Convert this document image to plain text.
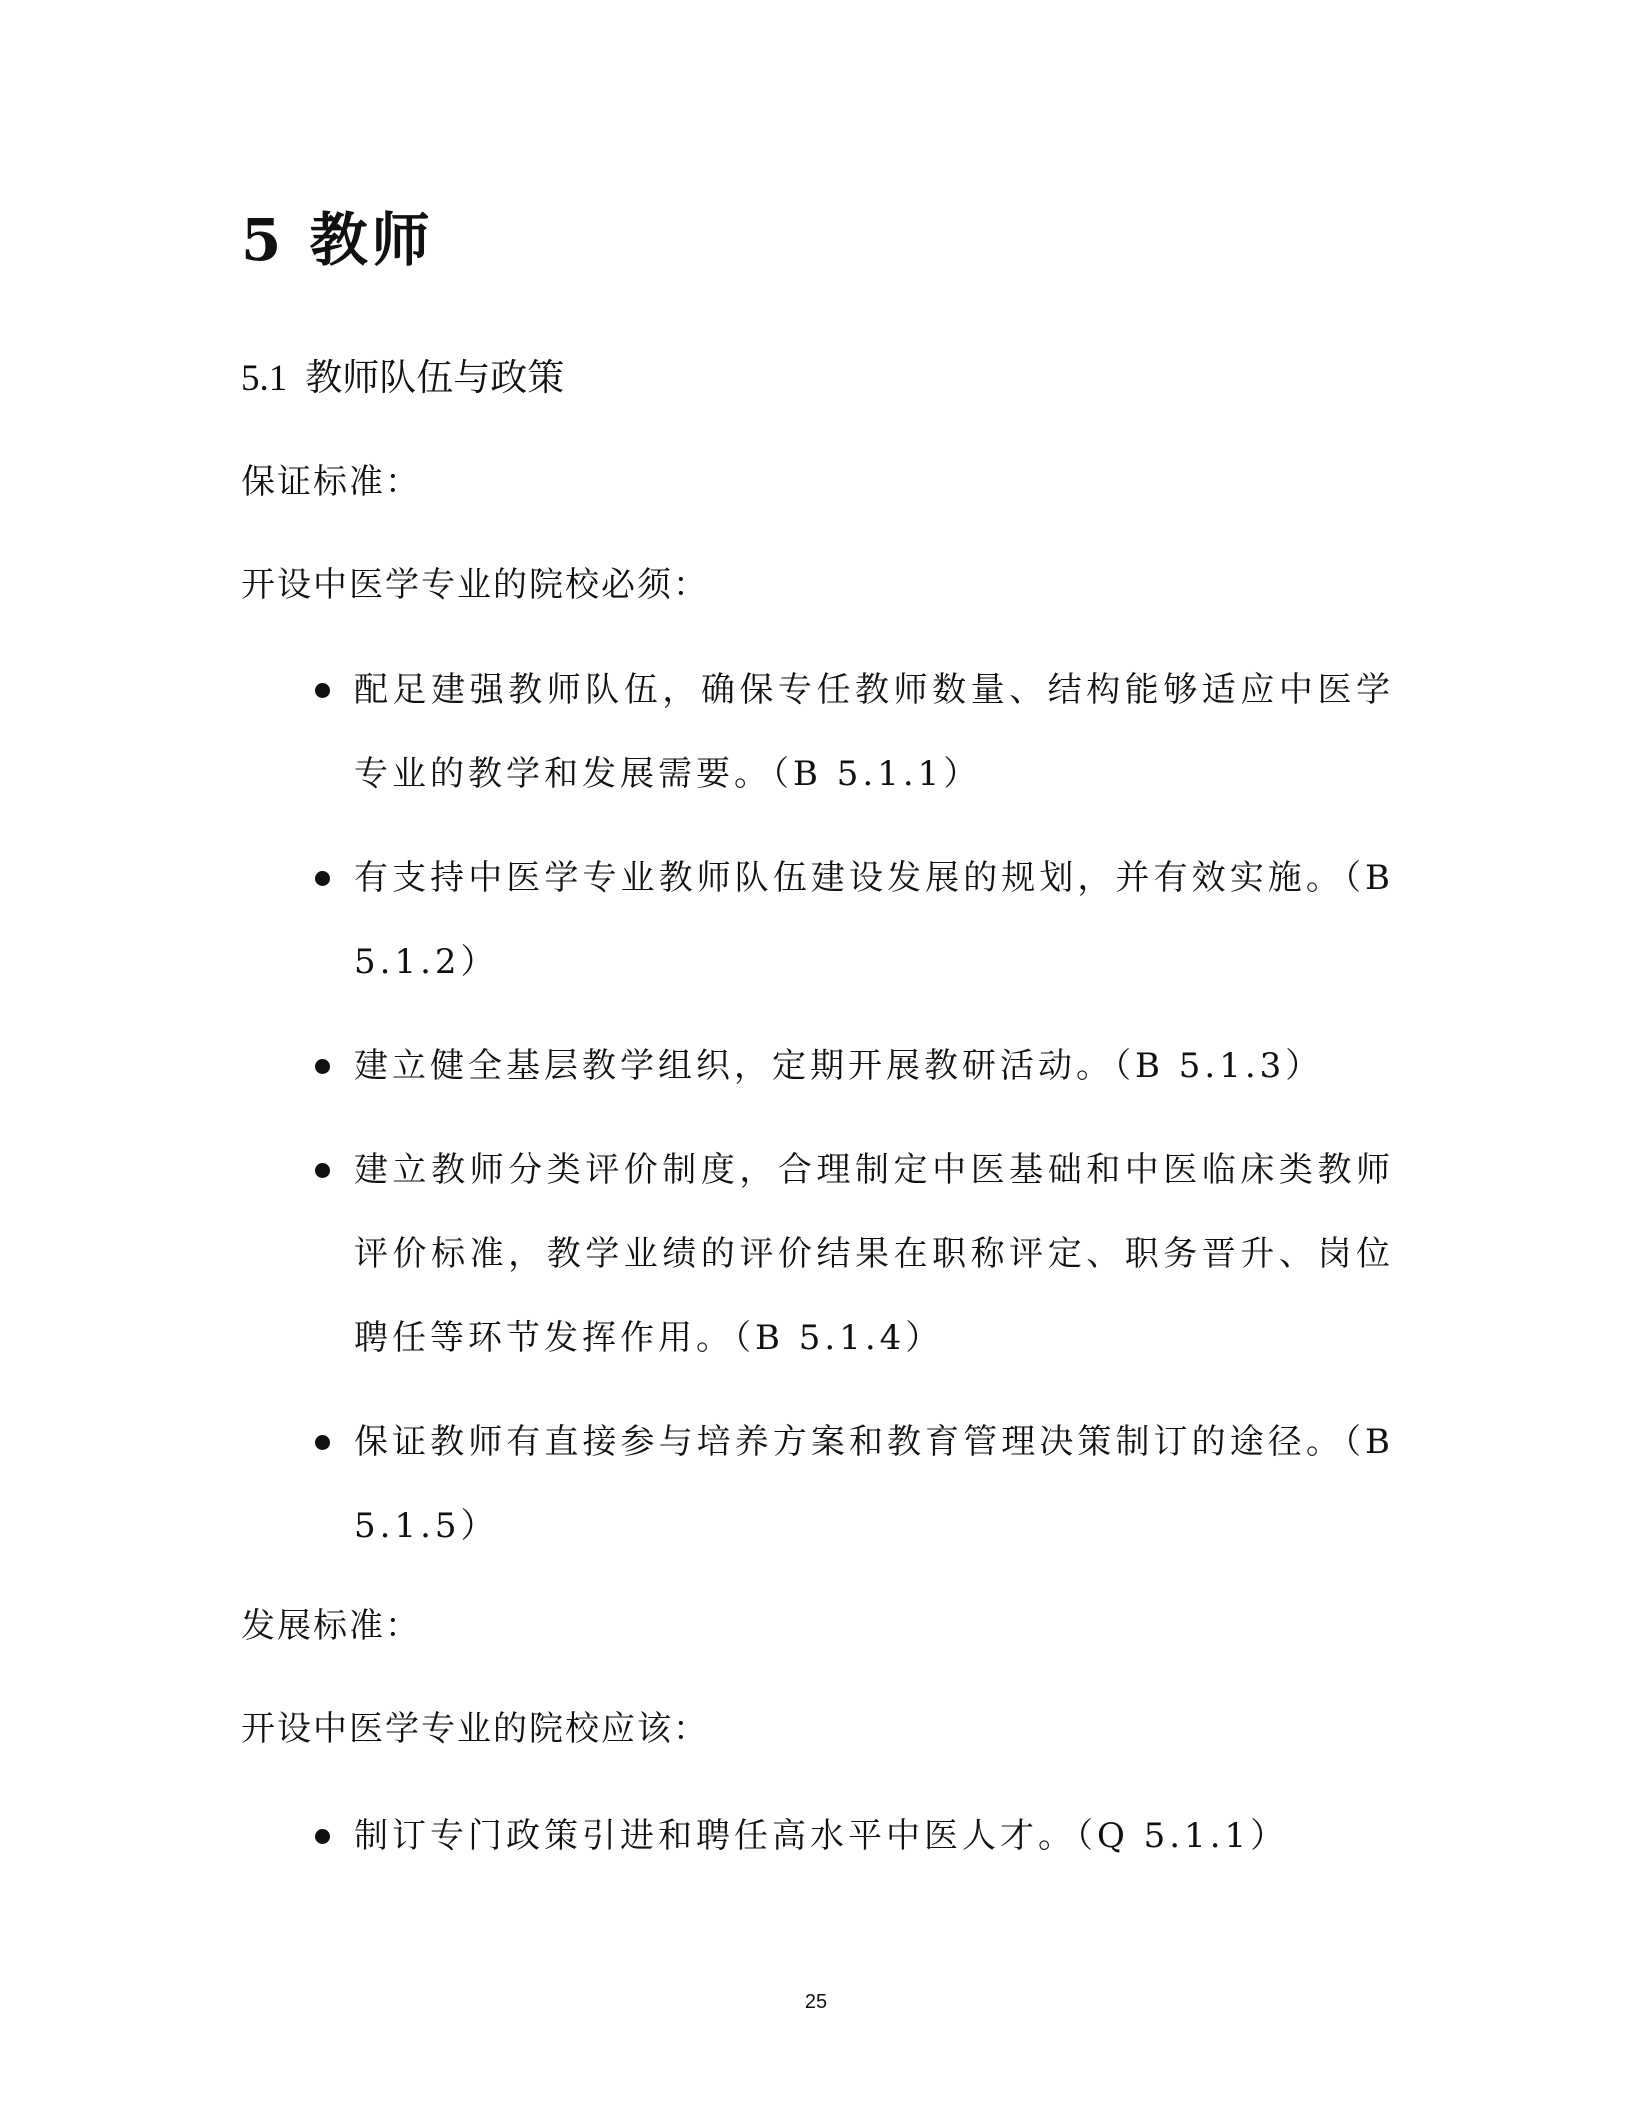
5 教师
5.1 教师队伍与政策
保证标准：
开设中医学专业的院校必须：
配足建强教师队伍，确保专任教师数量、结构能够适应中医学专业的教学和发展需要。（B 5.1.1）
有支持中医学专业教师队伍建设发展的规划，并有效实施。（B 5.1.2）
建立健全基层教学组织，定期开展教研活动。（B 5.1.3）
建立教师分类评价制度，合理制定中医基础和中医临床类教师评价标准，教学业绩的评价结果在职称评定、职务晋升、岗位聘任等环节发挥作用。（B 5.1.4）
保证教师有直接参与培养方案和教育管理决策制订的途径。（B 5.1.5）
发展标准：
开设中医学专业的院校应该：
制订专门政策引进和聘任高水平中医人才。（Q 5.1.1）
25
